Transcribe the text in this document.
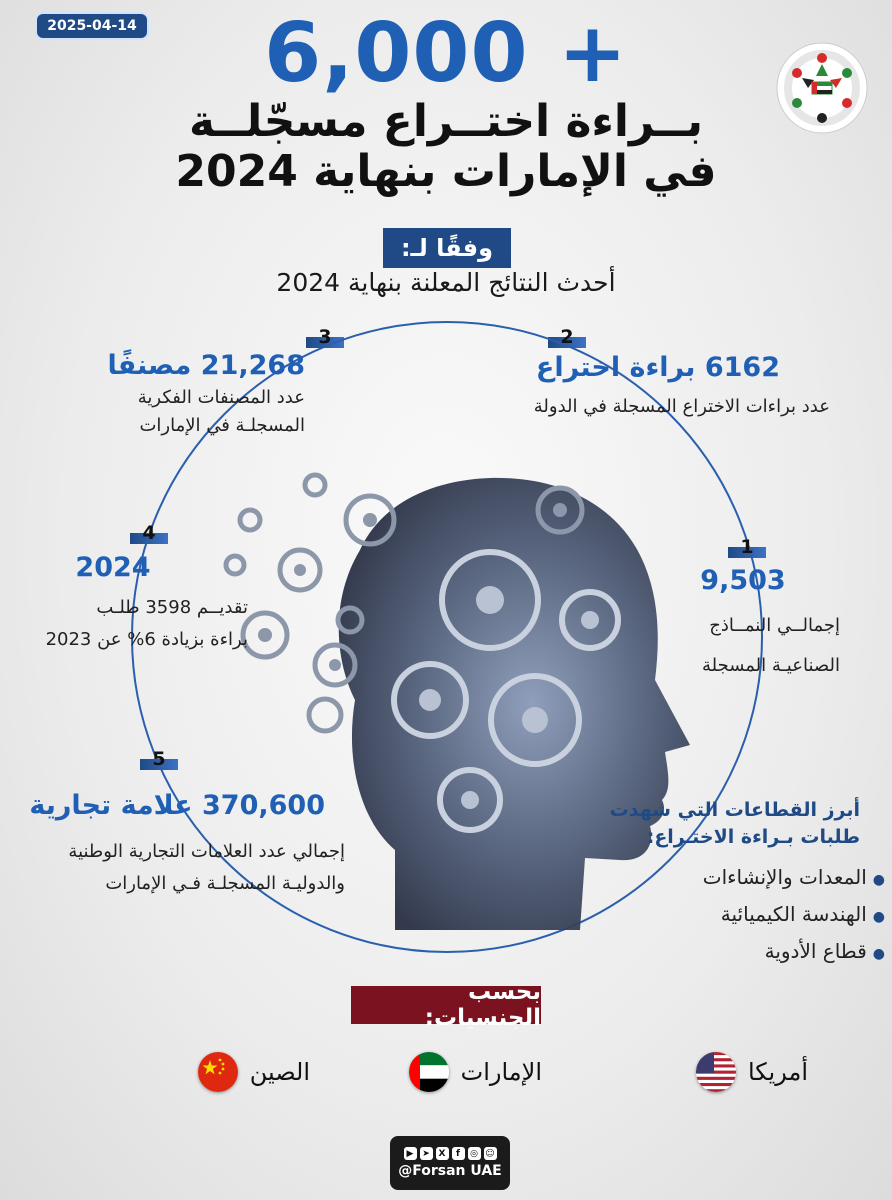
2025-04-14	6,000 +
بــراءة اختــراع مسجّلــة
في الإمارات بنهاية 2024
وفقًا لـ:
أحدث النتائج المعلنة بنهاية 2024
1
9,503
إجمالــي النمــاذج
الصناعيـة المسجلة
2
6162 براءة اختراع
عدد براءات الاختراع المسجلة في الدولة
3
21,268 مصنفًا
عدد المصنفات الفكرية
المسجلـة في الإمارات
4
2024
تقديــم 3598 طلـب
براءة بزيادة 6% عن 2023
5
370,600 علامة تجارية
إجمالي عدد العلامات التجارية الوطنية
والدوليـة المسجلـة فـي الإمارات
أبرز القطاعات التي شهدت
طلبات بـراءة الاختـراع:
●المعدات والإنشاءات
●الهندسة الكيميائية
●قطاع الأدوية
بحسب الجنسيات:
أمريكا
الإمارات
الصين
▶ ➤ X	f	◎ ☺
@Forsan UAE
